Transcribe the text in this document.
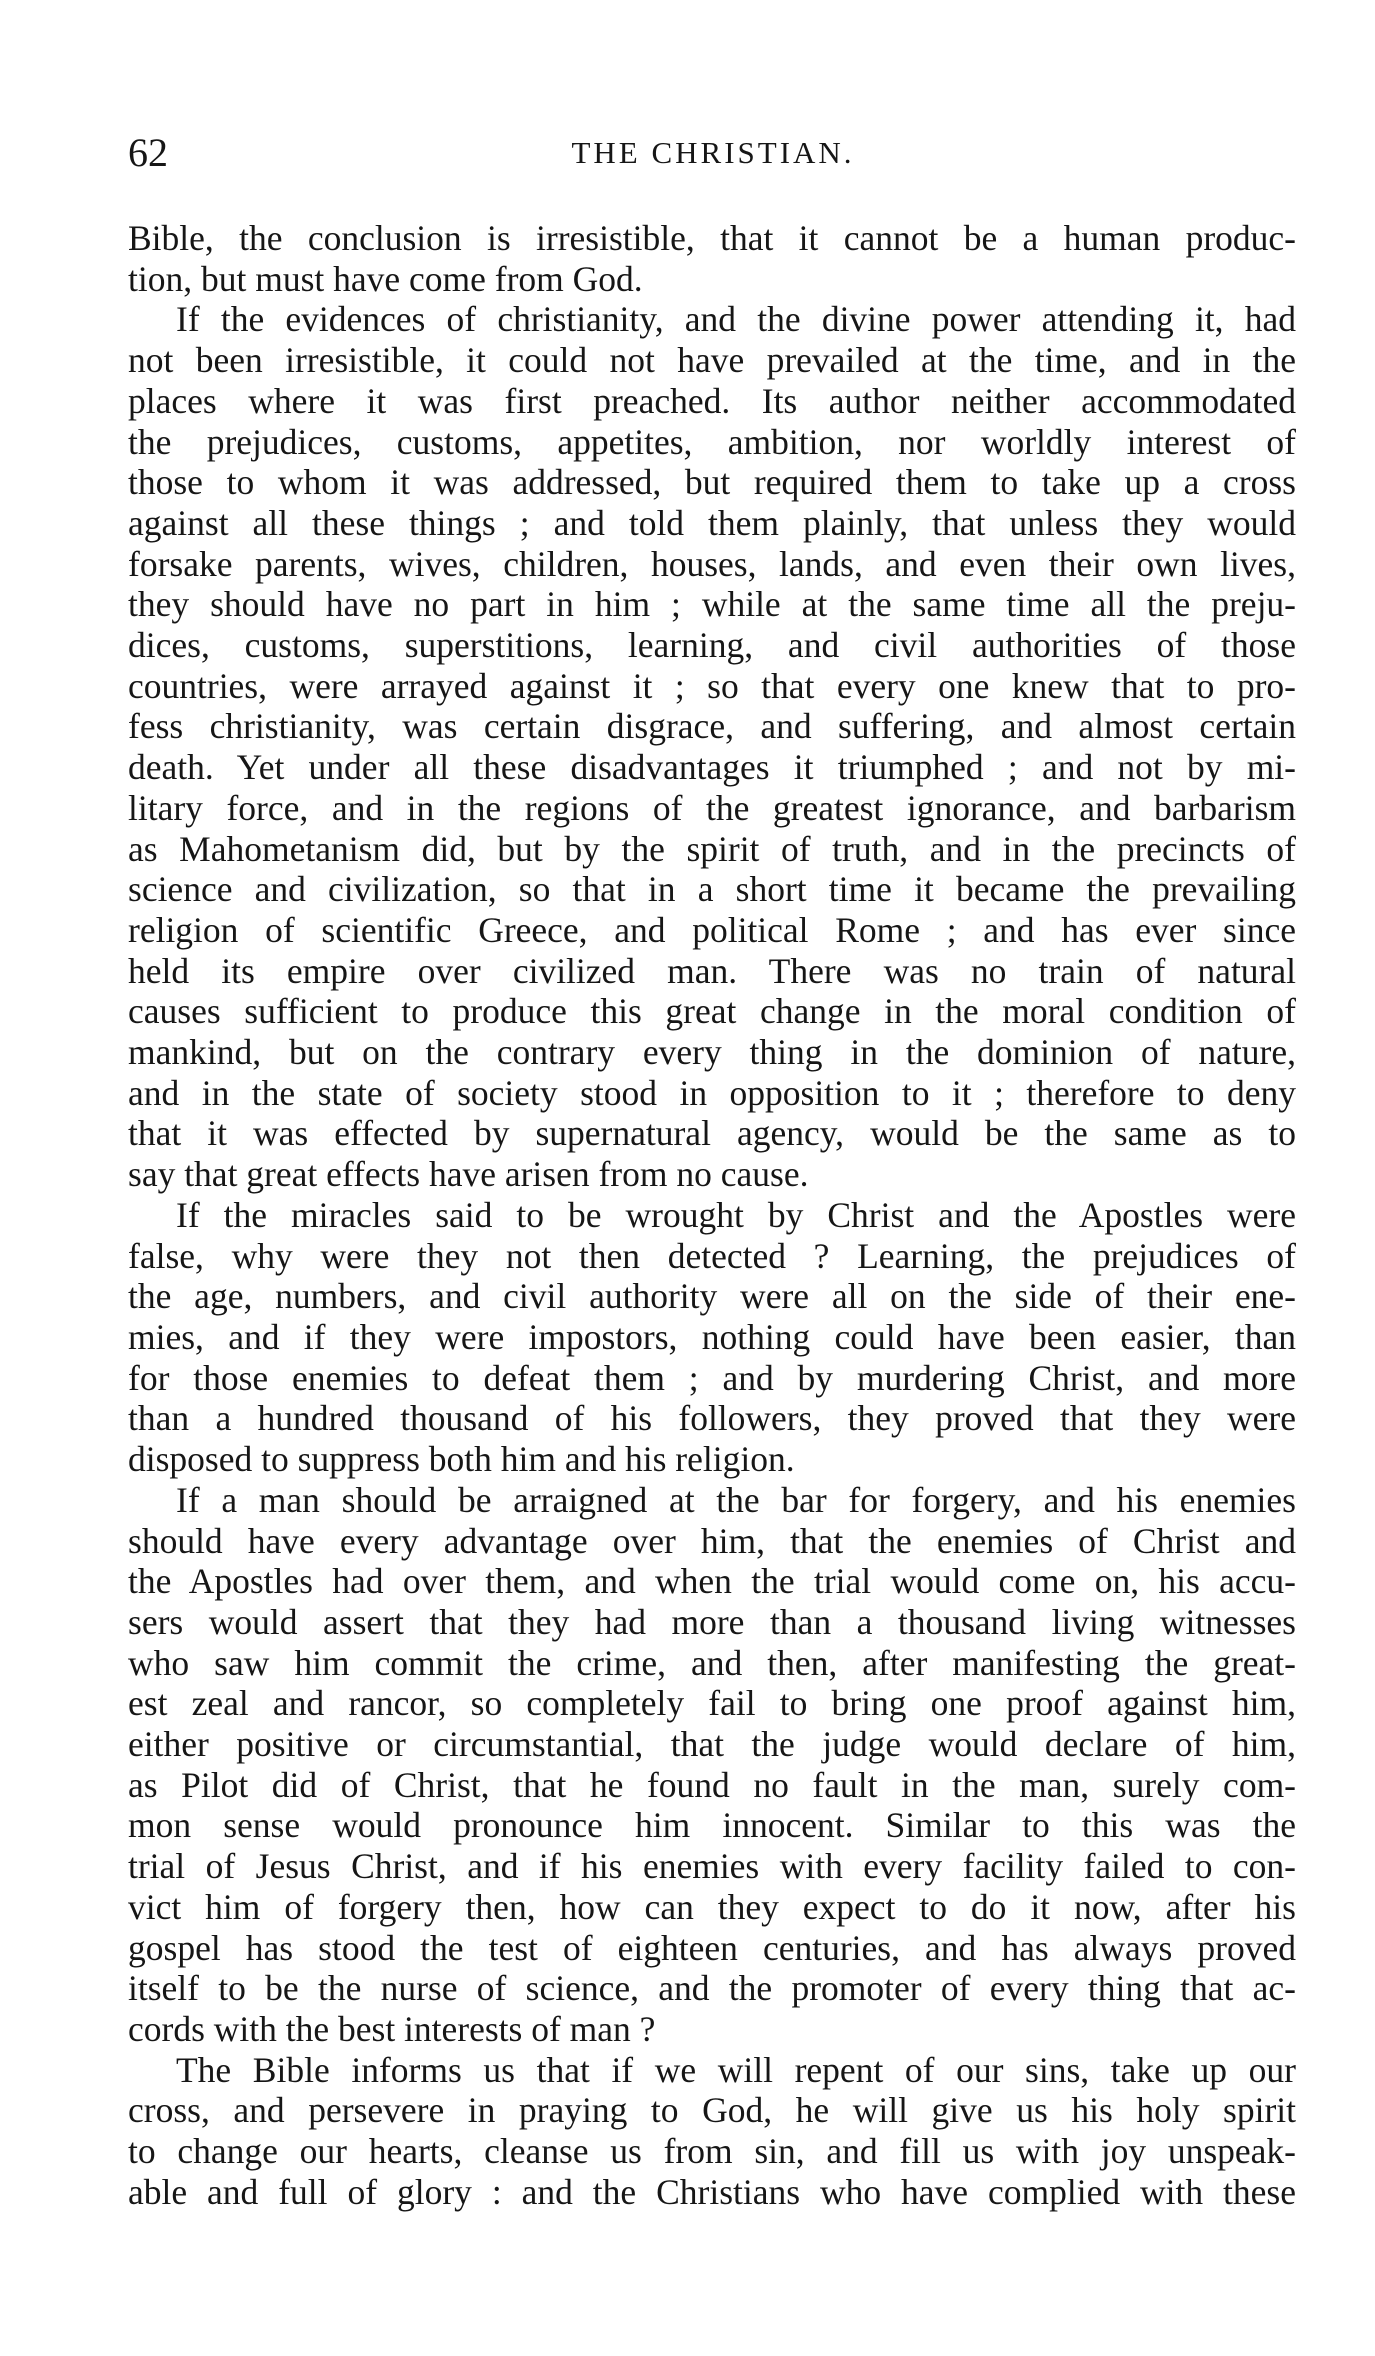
62	THE CHRISTIAN.
Bible, the conclusion is irresistible, that it cannot be a human produc-
tion, but must have come from God.
If the evidences of christianity, and the divine power attending it, had
not been irresistible, it could not have prevailed at the time, and in the
places where it was first preached. Its author neither accommodated
the prejudices, customs, appetites, ambition, nor worldly interest of
those to whom it was addressed, but required them to take up a cross
against all these things ; and told them plainly, that unless they would
forsake parents, wives, children, houses, lands, and even their own lives,
they should have no part in him ; while at the same time all the preju-
dices, customs, superstitions, learning, and civil authorities of those
countries, were arrayed against it ; so that every one knew that to pro-
fess christianity, was certain disgrace, and suffering, and almost certain
death. Yet under all these disadvantages it triumphed ; and not by mi-
litary force, and in the regions of the greatest ignorance, and barbarism
as Mahometanism did, but by the spirit of truth, and in the precincts of
science and civilization, so that in a short time it became the prevailing
religion of scientific Greece, and political Rome ; and has ever since
held its empire over civilized man. There was no train of natural
causes sufficient to produce this great change in the moral condition of
mankind, but on the contrary every thing in the dominion of nature,
and in the state of society stood in opposition to it ; therefore to deny
that it was effected by supernatural agency, would be the same as to
say that great effects have arisen from no cause.
If the miracles said to be wrought by Christ and the Apostles were
false, why were they not then detected ? Learning, the prejudices of
the age, numbers, and civil authority were all on the side of their ene-
mies, and if they were impostors, nothing could have been easier, than
for those enemies to defeat them ; and by murdering Christ, and more
than a hundred thousand of his followers, they proved that they were
disposed to suppress both him and his religion.
If a man should be arraigned at the bar for forgery, and his enemies
should have every advantage over him, that the enemies of Christ and
the Apostles had over them, and when the trial would come on, his accu-
sers would assert that they had more than a thousand living witnesses
who saw him commit the crime, and then, after manifesting the great-
est zeal and rancor, so completely fail to bring one proof against him,
either positive or circumstantial, that the judge would declare of him,
as Pilot did of Christ, that he found no fault in the man, surely com-
mon sense would pronounce him innocent. Similar to this was the
trial of Jesus Christ, and if his enemies with every facility failed to con-
vict him of forgery then, how can they expect to do it now, after his
gospel has stood the test of eighteen centuries, and has always proved
itself to be the nurse of science, and the promoter of every thing that ac-
cords with the best interests of man ?
The Bible informs us that if we will repent of our sins, take up our
cross, and persevere in praying to God, he will give us his holy spirit
to change our hearts, cleanse us from sin, and fill us with joy unspeak-
able and full of glory : and the Christians who have complied with these
